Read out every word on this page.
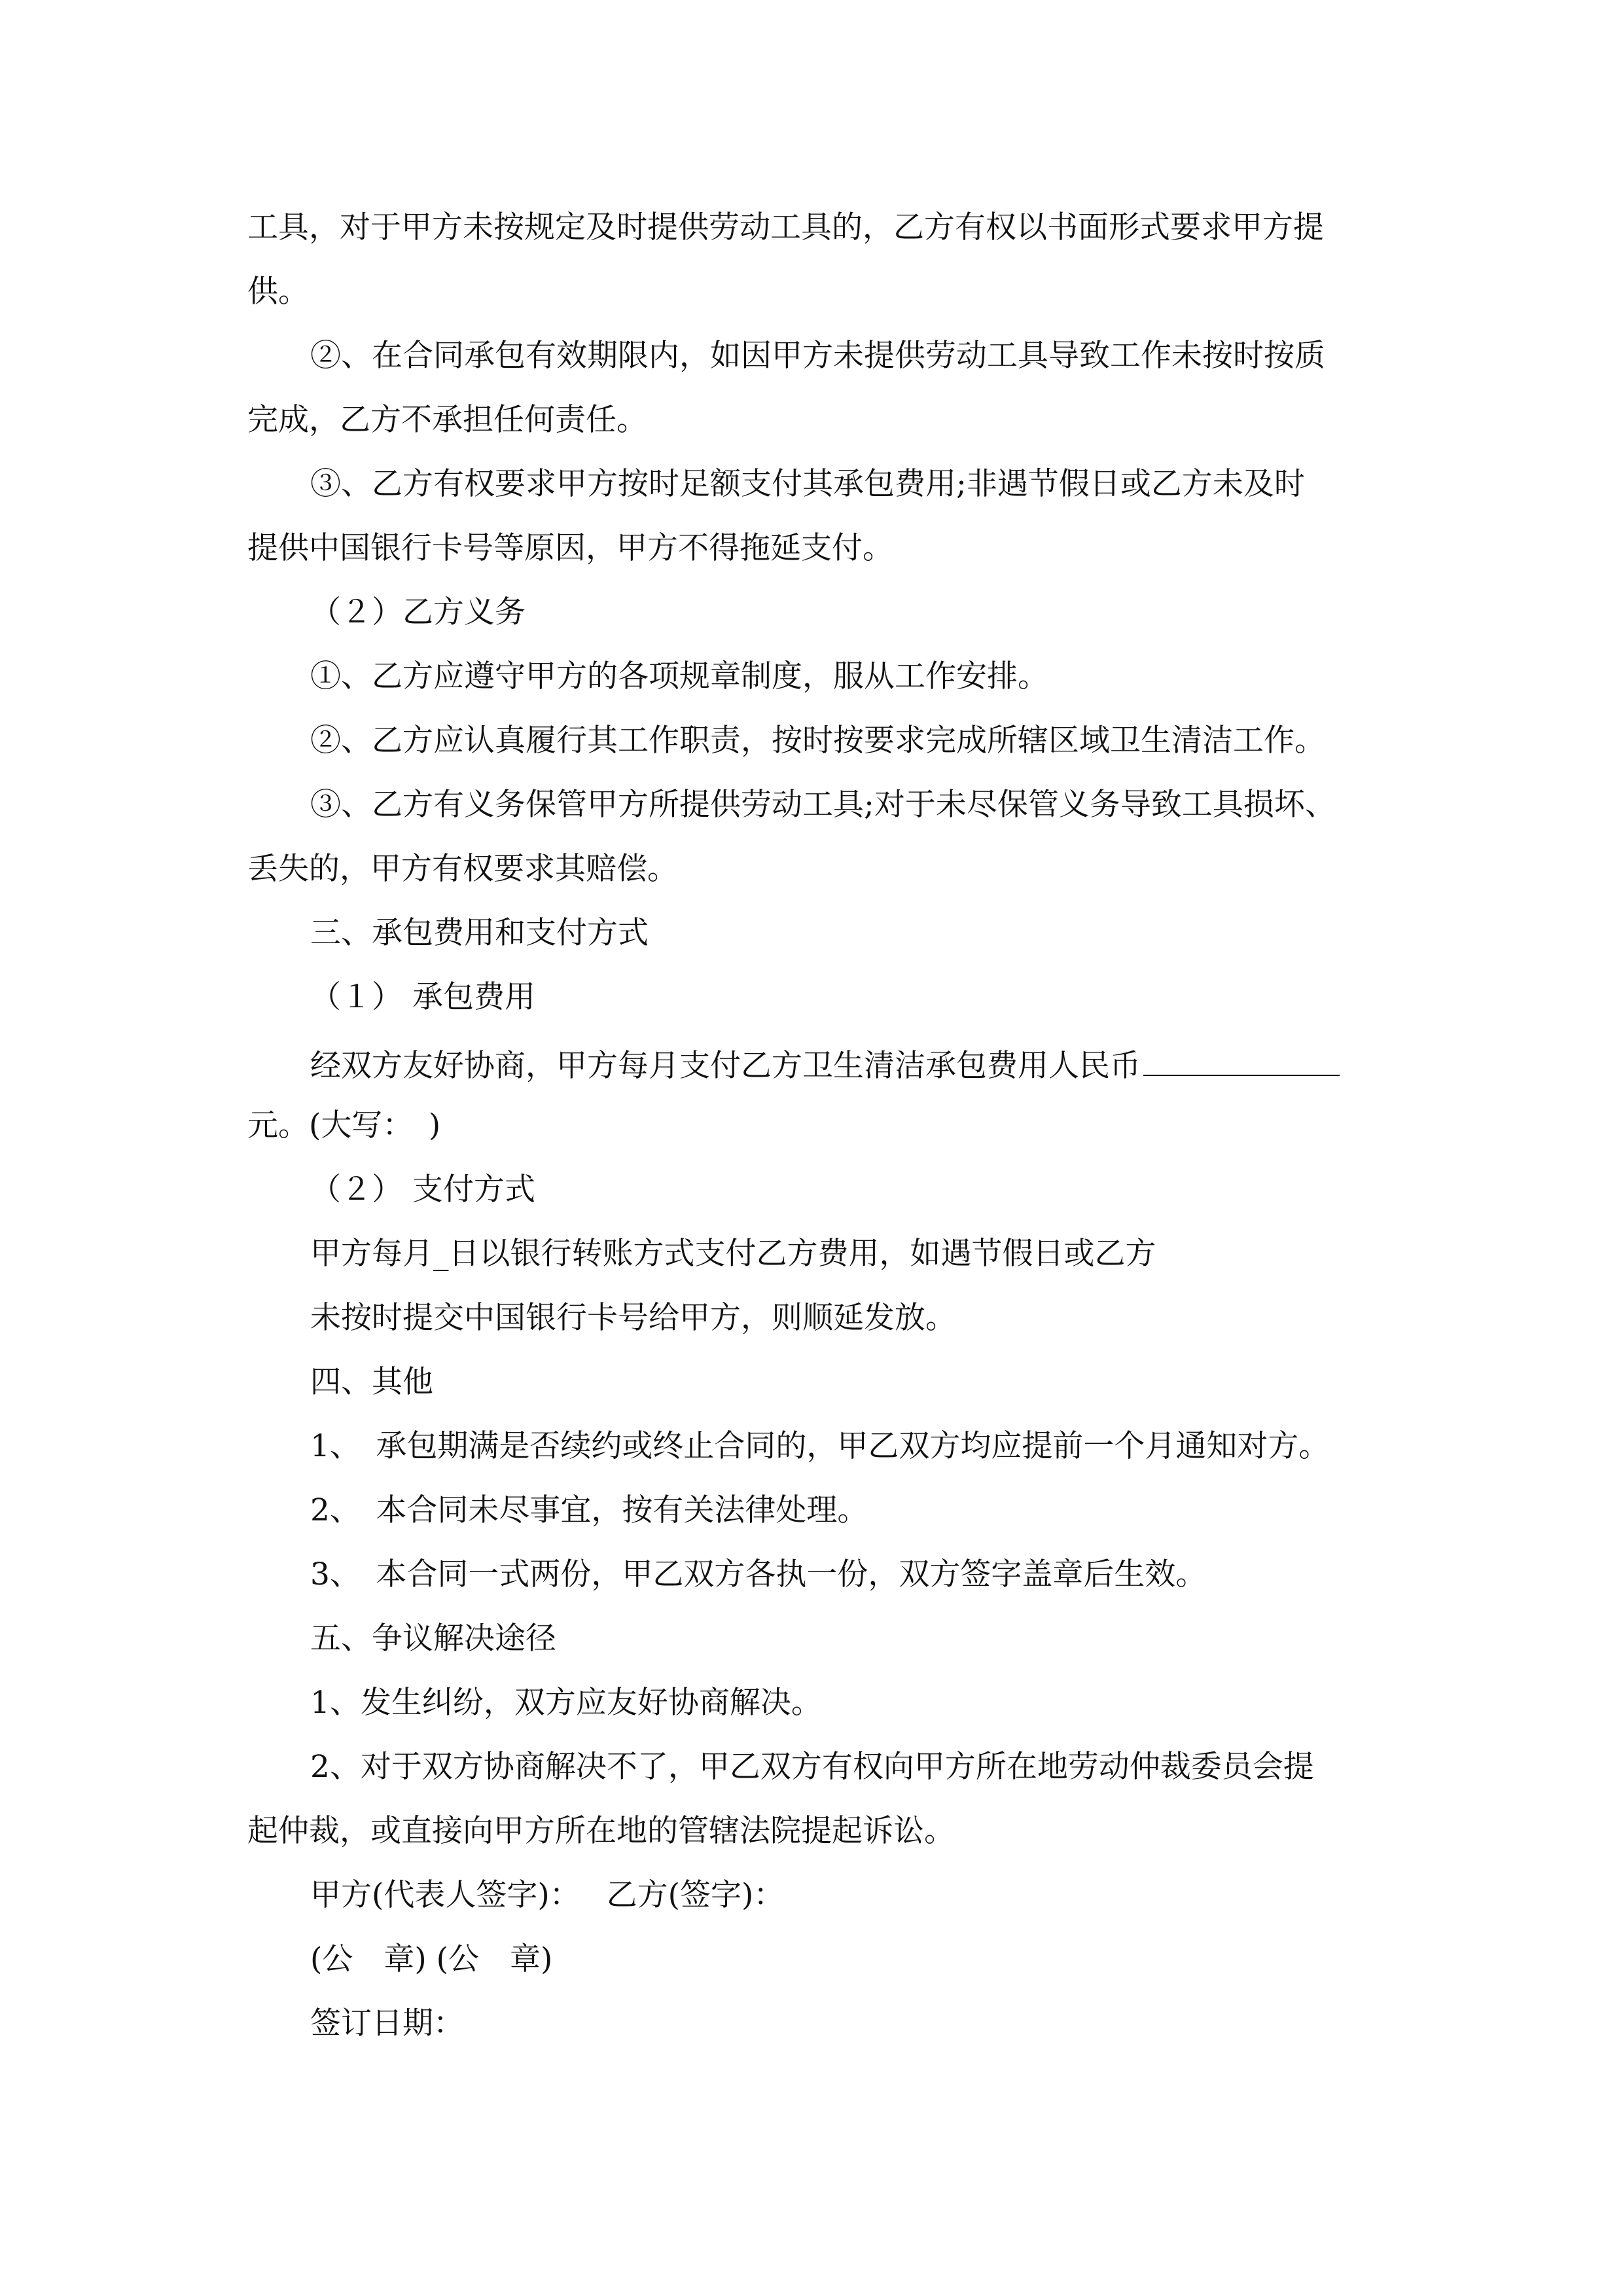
工具，对于甲方未按规定及时提供劳动工具的，乙方有权以书面形式要求甲方提
供。
②、在合同承包有效期限内，如因甲方未提供劳动工具导致工作未按时按质
完成，乙方不承担任何责任。
③、乙方有权要求甲方按时足额支付其承包费用;非遇节假日或乙方未及时
提供中国银行卡号等原因，甲方不得拖延支付。
（２）乙方义务
①、乙方应遵守甲方的各项规章制度，服从工作安排。
②、乙方应认真履行其工作职责，按时按要求完成所辖区域卫生清洁工作。
③、乙方有义务保管甲方所提供劳动工具;对于未尽保管义务导致工具损坏、
丢失的，甲方有权要求其赔偿。
三、承包费用和支付方式
（１） 承包费用
经双方友好协商，甲方每月支付乙方卫生清洁承包费用人民币
元。(大写：　)
（２） 支付方式
甲方每月_日以银行转账方式支付乙方费用，如遇节假日或乙方
未按时提交中国银行卡号给甲方，则顺延发放。
四、其他
1、　承包期满是否续约或终止合同的，甲乙双方均应提前一个月通知对方。
2、　本合同未尽事宜，按有关法律处理。
3、　本合同一式两份，甲乙双方各执一份，双方签字盖章后生效。
五、争议解决途径
1、发生纠纷，双方应友好协商解决。
2、对于双方协商解决不了，甲乙双方有权向甲方所在地劳动仲裁委员会提
起仲裁，或直接向甲方所在地的管辖法院提起诉讼。
甲方(代表人签字)： 乙方(签字)：
(公　章) (公　章)
签订日期：
